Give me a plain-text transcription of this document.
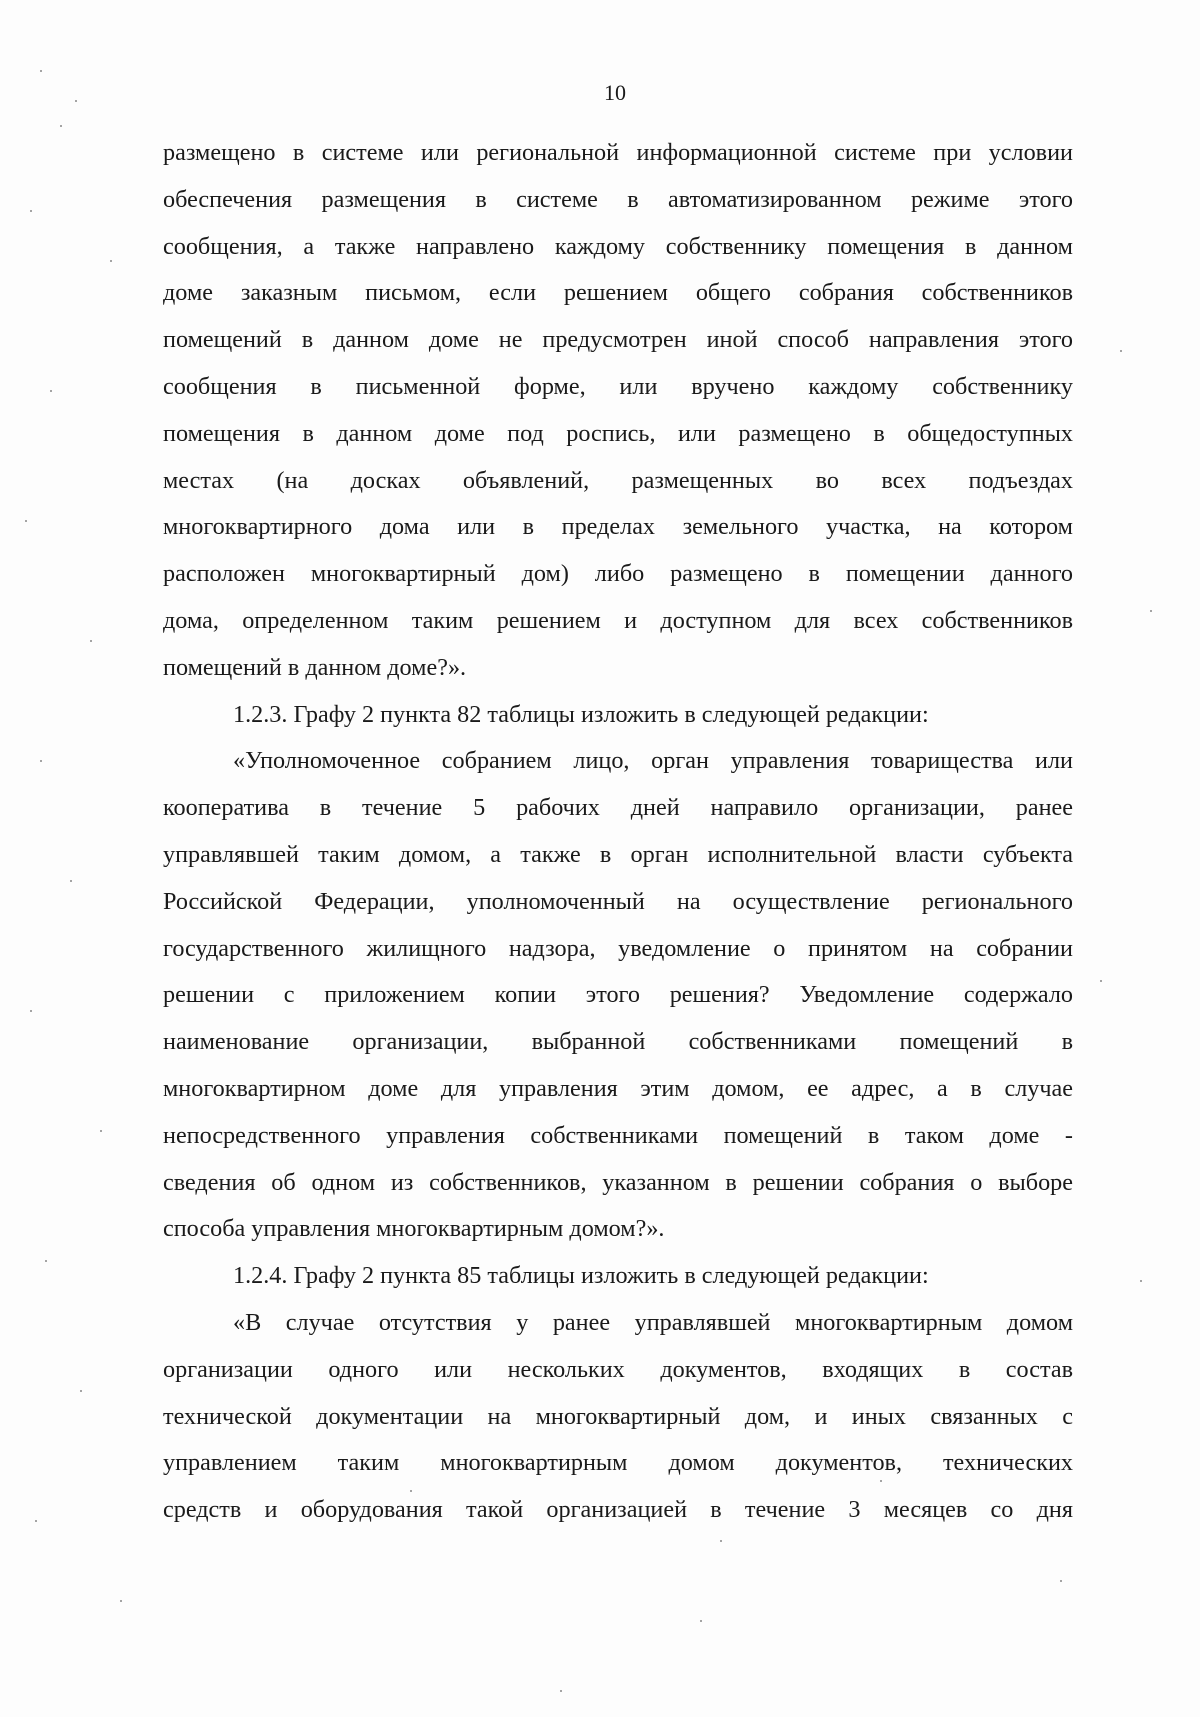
10
размещено в системе или региональной информационной системе при условии
обеспечения размещения в системе в автоматизированном режиме этого
сообщения, а также направлено каждому собственнику помещения в данном
доме заказным письмом, если решением общего собрания собственников
помещений в данном доме не предусмотрен иной способ направления этого
сообщения в письменной форме, или вручено каждому собственнику
помещения в данном доме под роспись, или размещено в общедоступных
местах (на досках объявлений, размещенных во всех подъездах
многоквартирного дома или в пределах земельного участка, на котором
расположен многоквартирный дом) либо размещено в помещении данного
дома, определенном таким решением и доступном для всех собственников
помещений в данном доме?».
1.2.3. Графу 2 пункта 82 таблицы изложить в следующей редакции:
«Уполномоченное собранием лицо, орган управления товарищества или
кооператива в течение 5 рабочих дней направило организации, ранее
управлявшей таким домом, а также в орган исполнительной власти субъекта
Российской Федерации, уполномоченный на осуществление регионального
государственного жилищного надзора, уведомление о принятом на собрании
решении с приложением копии этого решения? Уведомление содержало
наименование организации, выбранной собственниками помещений в
многоквартирном доме для управления этим домом, ее адрес, а в случае
непосредственного управления собственниками помещений в таком доме -
сведения об одном из собственников, указанном в решении собрания о выборе
способа управления многоквартирным домом?».
1.2.4. Графу 2 пункта 85 таблицы изложить в следующей редакции:
«В случае отсутствия у ранее управлявшей многоквартирным домом
организации одного или нескольких документов, входящих в состав
технической документации на многоквартирный дом, и иных связанных с
управлением таким многоквартирным домом документов, технических
средств и оборудования такой организацией в течение 3 месяцев со дня
